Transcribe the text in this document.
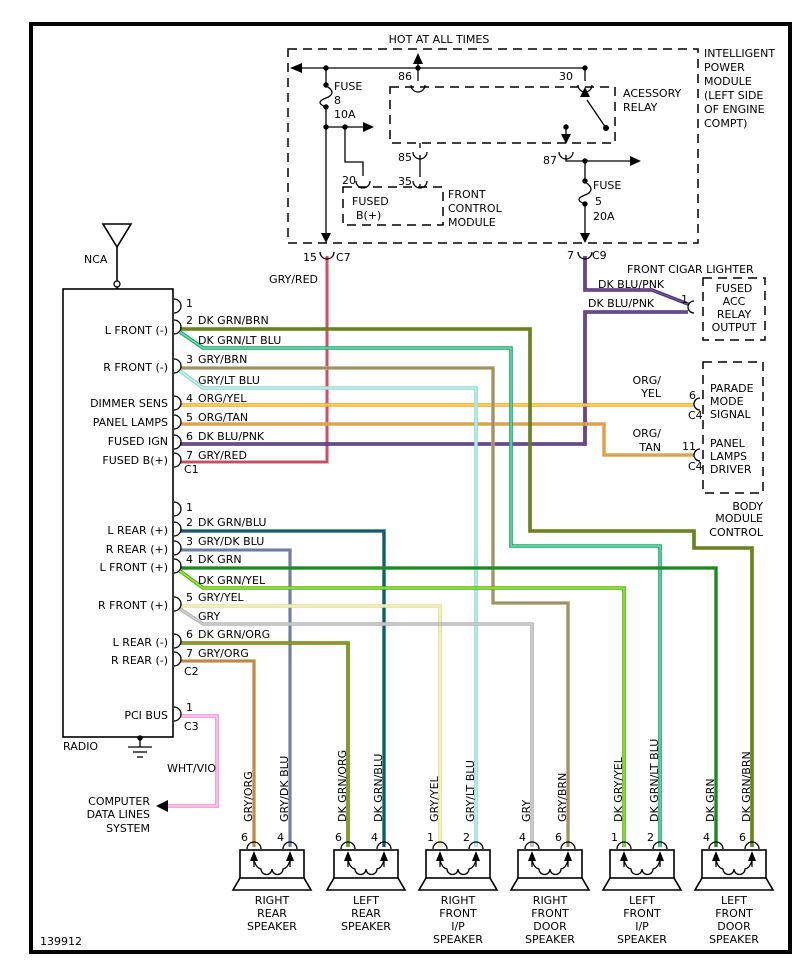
HOT AT ALL TIMES
INTELLIGENT
POWER
MODULE
(LEFT SIDE
OF ENGINE
COMPT)
FUSE
8
10A
20
86	30
87
ACESSORY
RELAY
85
35	FUSE
5
20A
15 C7	7 C9
FUSED
B(+)
FRONT
CONTROL
MODULE
RADIO
NCA
GRY/RED
WHT/VIO
L FRONT (-)
R FRONT (-)
DIMMER SENS
PANEL LAMPS
FUSED IGN
FUSED B(+)
1
2 DK GRN/BRN
DK GRN/LT BLU
3 GRY/BRN
GRY/LT BLU
4 ORG/YEL
5 ORG/TAN
6 DK BLU/PNK
7 GRY/RED
C1
L REAR (+)
R REAR (+)
L FRONT (+)
R FRONT (+)
L REAR (-)
R REAR (-)
1
2 DK GRN/BLU
3 GRY/DK BLU
4 DK GRN
DK GRN/YEL
5 GRY/YEL
GRY
6 DK GRN/ORG
7 GRY/ORG
C2
PCI BUS
1
C3
COMPUTER
DATA LINES
SYSTEM
FRONT CIGAR LIGHTER
DK BLU/PNK
DK BLU/PNK 1
FUSED
ACC
RELAY
OUTPUT
ORG/
YEL
ORG/
TAN
6
C4
11
C4
PARADE
MODE
SIGNAL
PANEL
LAMPS
DRIVER
BODY
MODULE
CONTROL
6	4
GRY/ORG GRY/DK BLU
RIGHT
REAR
SPEAKER
6	4
DK GRN/ORG DK GRN/BLU
LEFT
REAR
SPEAKER
1	2
GRY/YEL GRY/LT BLU
RIGHT
FRONT
I/P
SPEAKER
4	6
GRY GRY/BRN
RIGHT
FRONT
DOOR
SPEAKER
1	2
DK GRY/YEL DK GRN/LT BLU
LEFT
FRONT
I/P
SPEAKER
4	6
DK GRN DK GRN/BRN
LEFT
FRONT
DOOR
SPEAKER
139912
